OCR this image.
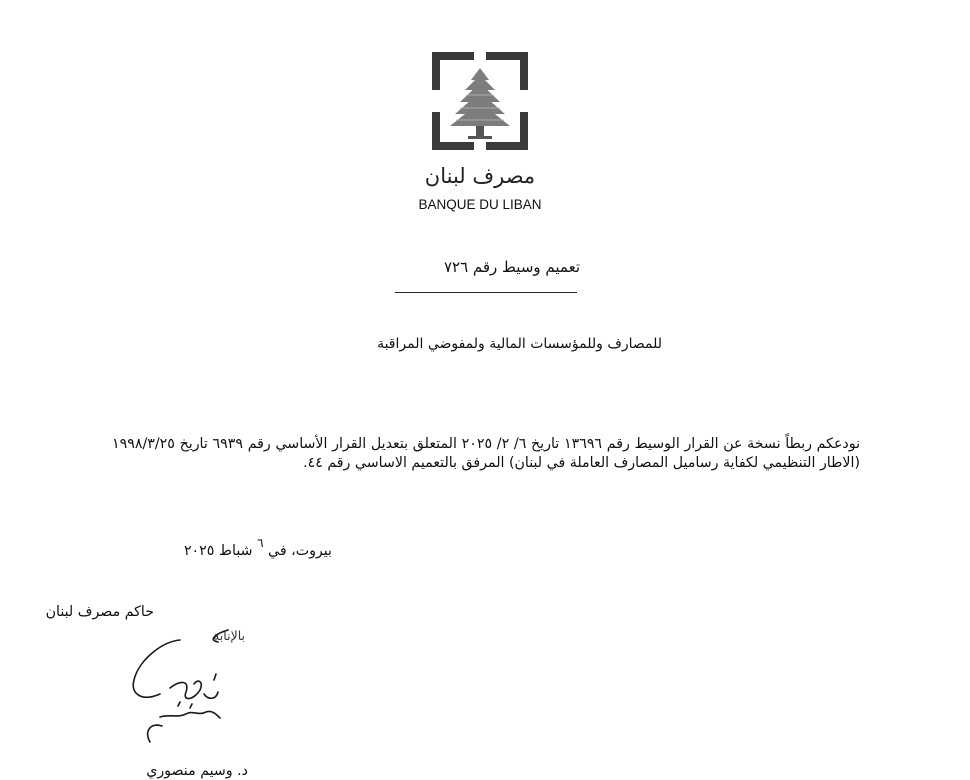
مصرف لبنان
BANQUE DU LIBAN
تعميم وسيط رقم ٧٢٦
للمصارف وللمؤسسات المالية ولمفوضي المراقبة
نودعكم ربطاً نسخة عن القرار الوسيط رقم ١٣٦٩٦ تاريخ ٦/ ٢/ ٢٠٢٥ المتعلق بتعديل القرار الأساسي رقم ٦٩٣٩ تاريخ ١٩٩٨/٣/٢٥ (الاطار التنظيمي لكفاية رساميل المصارف العاملة في لبنان) المرفق بالتعميم الاساسي رقم ٤٤.
بيروت، في $^٦$ شباط ٢٠٢٥
حاكم مصرف لبنان
بالإنابة
د. وسيم منصوري
